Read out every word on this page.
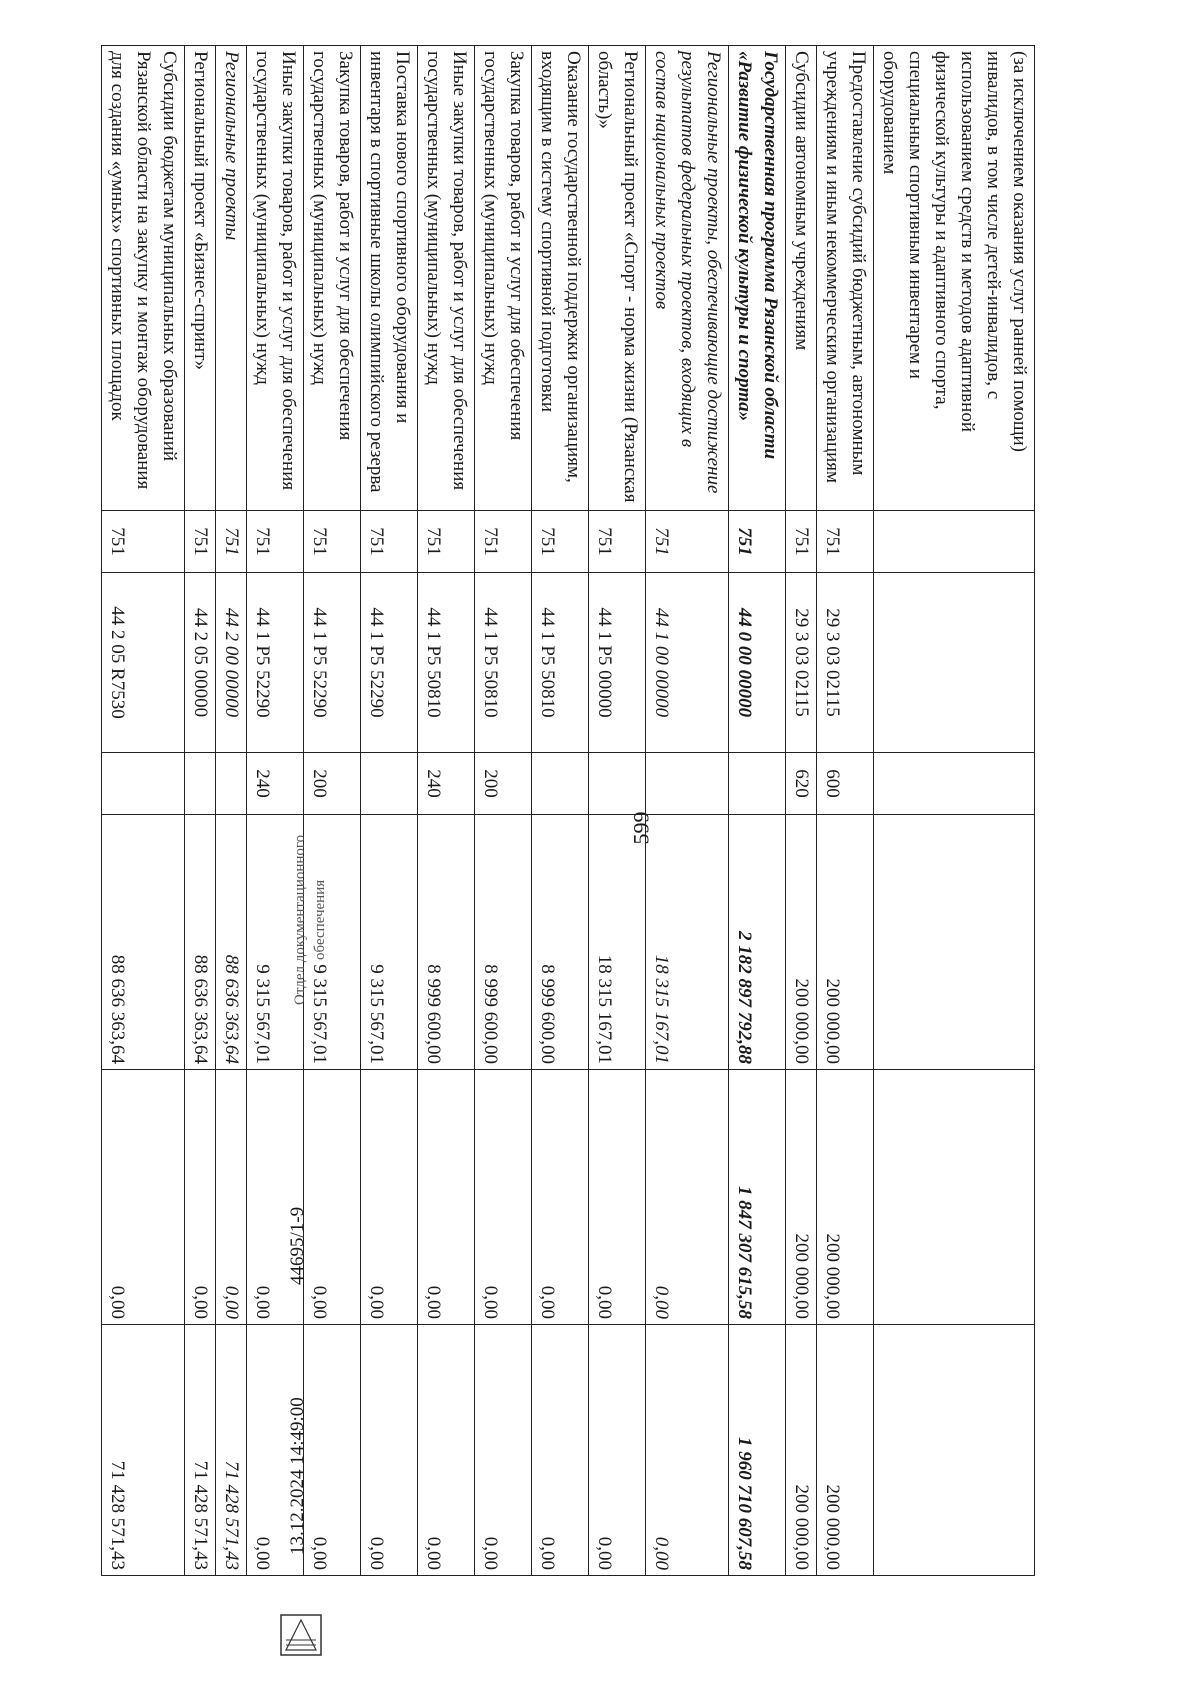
599
(за исключением оказания услуг ранней помощи) инвалидов, в том числе детей-инвалидов, с использованием средств и методов адаптивной физической культуры и адаптивного спорта, специальным спортивным инвентарем и оборудованием						
Предоставление субсидий бюджетным, автономным учреждениям и иным некоммерческим организациям	751	29 3 03 02115	600	200 000,00	200 000,00	200 000,00
Субсидии автономным учреждениям	751	29 3 03 02115	620	200 000,00	200 000,00	200 000,00
Государственная программа Рязанской области «Развитие физической культуры и спорта»	751	44 0 00 00000		2 182 897 792,88	1 847 307 615,58	1 960 710 607,58
Региональные проекты, обеспечивающие достижение результатов федеральных проектов, входящих в состав национальных проектов	751	44 1 00 00000		18 315 167,01	0,00	0,00
Региональный проект «Спорт - норма жизни (Рязанская область)»	751	44 1 P5 00000		18 315 167,01	0,00	0,00
Оказание государственной поддержки организациям, входящим в систему спортивной подготовки	751	44 1 P5 50810		8 999 600,00	0,00	0,00
Закупка товаров, работ и услуг для обеспечения государственных (муниципальных) нужд	751	44 1 P5 50810	200	8 999 600,00	0,00	0,00
Иные закупки товаров, работ и услуг для обеспечения государственных (муниципальных) нужд	751	44 1 P5 50810	240	8 999 600,00	0,00	0,00
Поставка нового спортивного оборудования и инвентаря в спортивные школы олимпийского резерва	751	44 1 P5 52290		9 315 567,01	0,00	0,00
Закупка товаров, работ и услуг для обеспечения государственных (муниципальных) нужд	751	44 1 P5 52290	200	9 315 567,01	0,00	0,00
Иные закупки товаров, работ и услуг для обеспечения государственных (муниципальных) нужд	751	44 1 P5 52290	240	9 315 567,01	0,00	0,00
Региональные проекты	751	44 2 00 00000		88 636 363,64	0,00	71 428 571,43
Региональный проект «Бизнес-спринт»	751	44 2 05 00000		88 636 363,64	0,00	71 428 571,43
Субсидии бюджетам муниципальных образований Рязанской области на закупку и монтаж оборудования для создания «умных» спортивных площадок	751	44 2 05 R7530		88 636 363,64	0,00	71 428 571,43	13.12.2024 14:49:00
44695/1-9
Отдел документационного обеспечения
